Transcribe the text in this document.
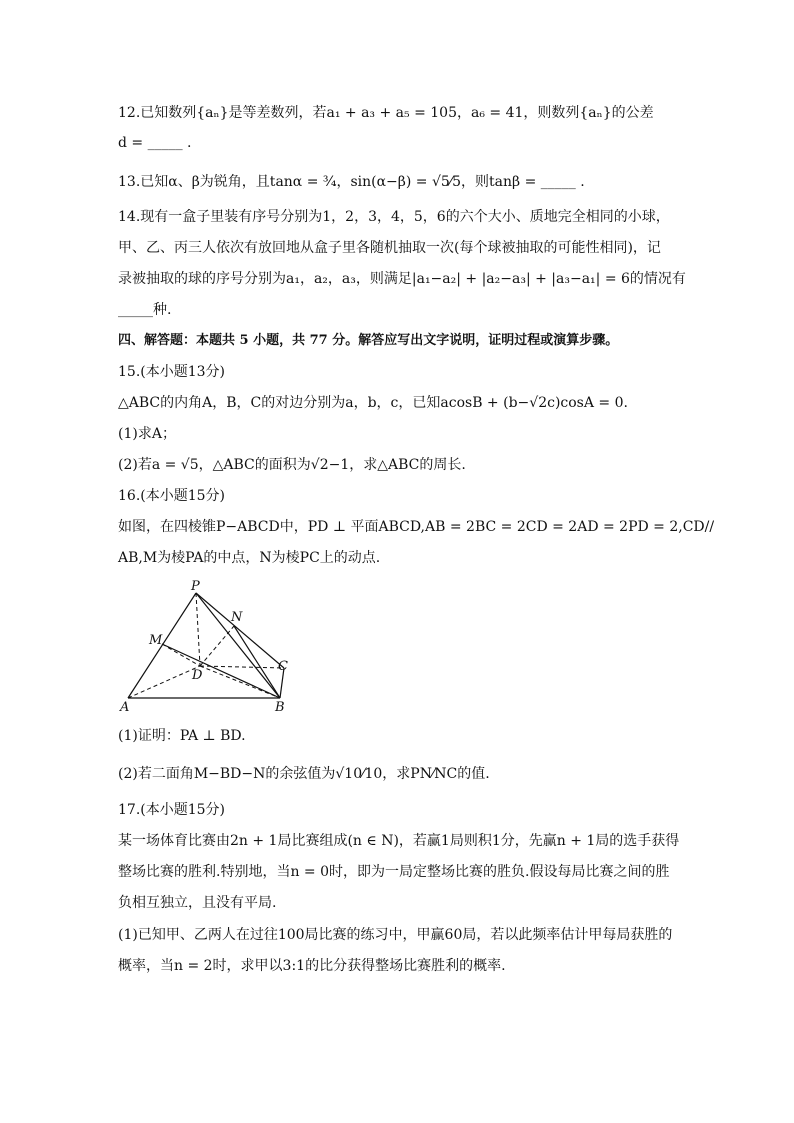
12.已知数列{aₙ}是等差数列，若a₁ + a₃ + a₅ = 105，a₆ = 41，则数列{aₙ}的公差
d = _____ .
13.已知α、β为锐角，且tanα = ³⁄₄，sin(α−β) = √5⁄5，则tanβ = _____ .
14.现有一盒子里装有序号分别为1，2，3，4，5，6的六个大小、质地完全相同的小球，
甲、乙、丙三人依次有放回地从盒子里各随机抽取一次(每个球被抽取的可能性相同)，记
录被抽取的球的序号分别为a₁，a₂，a₃，则满足|a₁−a₂| + |a₂−a₃| + |a₃−a₁| = 6的情况有
_____种.
四、解答题：本题共 5 小题，共 77 分。解答应写出文字说明，证明过程或演算步骤。
15.(本小题13分)
△ABC的内角A，B，C的对边分别为a，b，c，已知acosB + (b−√2c)cosA = 0.
(1)求A；
(2)若a = √5，△ABC的面积为√2−1，求△ABC的周长.
16.(本小题15分)
如图，在四棱锥P−ABCD中，PD ⊥ 平面ABCD,AB = 2BC = 2CD = 2AD = 2PD = 2,CD//
AB,M为棱PA的中点，N为棱PC上的动点.
P
N
M
C
D
A	B
(1)证明：PA ⊥ BD.
(2)若二面角M−BD−N的余弦值为√10⁄10，求PN⁄NC的值.
17.(本小题15分)
某一场体育比赛由2n + 1局比赛组成(n ∈ N)，若赢1局则积1分，先赢n + 1局的选手获得
整场比赛的胜利.特别地，当n = 0时，即为一局定整场比赛的胜负.假设每局比赛之间的胜
负相互独立，且没有平局.
(1)已知甲、乙两人在过往100局比赛的练习中，甲赢60局，若以此频率估计甲每局获胜的
概率，当n = 2时，求甲以3:1的比分获得整场比赛胜利的概率.
